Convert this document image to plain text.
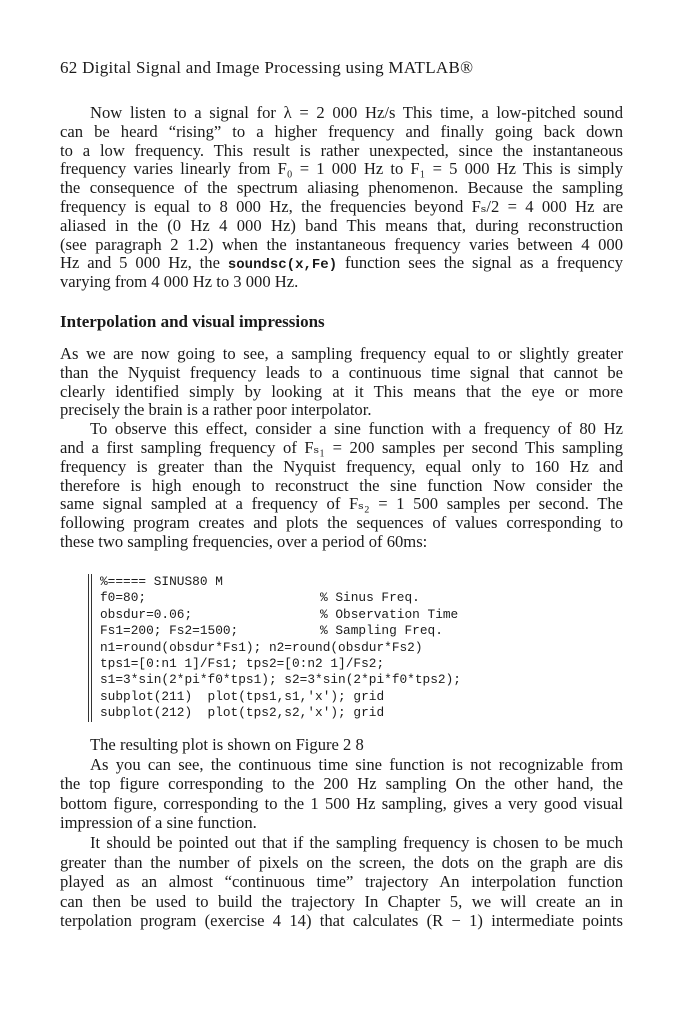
62 Digital Signal and Image Processing using MATLAB®
Now listen to a signal for λ = 2 000 Hz/s This time, a low-pitched sound
can be heard “rising” to a higher frequency and finally going back down
to a low frequency. This result is rather unexpected, since the instantaneous
frequency varies linearly from F₀ = 1 000 Hz to F₁ = 5 000 Hz This is simply
the consequence of the spectrum aliasing phenomenon. Because the sampling
frequency is equal to 8 000 Hz, the frequencies beyond Fₛ/2 = 4 000 Hz are
aliased in the (0 Hz 4 000 Hz) band This means that, during reconstruction
(see paragraph 2 1.2) when the instantaneous frequency varies between 4 000
Hz and 5 000 Hz, the soundsc(x,Fe) function sees the signal as a frequency
varying from 4 000 Hz to 3 000 Hz.
Interpolation and visual impressions
As we are now going to see, a sampling frequency equal to or slightly greater
than the Nyquist frequency leads to a continuous time signal that cannot be
clearly identified simply by looking at it This means that the eye or more
precisely the brain is a rather poor interpolator.
To observe this effect, consider a sine function with a frequency of 80 Hz
and a first sampling frequency of Fₛ₁ = 200 samples per second This sampling
frequency is greater than the Nyquist frequency, equal only to 160 Hz and
therefore is high enough to reconstruct the sine function Now consider the
same signal sampled at a frequency of Fₛ₂ = 1 500 samples per second. The
following program creates and plots the sequences of values corresponding to
these two sampling frequencies, over a period of 60ms:
%===== SINUS80 M
f0=80;	% Sinus Freq.
obsdur=0.06;	% Observation Time
Fs1=200; Fs2=1500;	% Sampling Freq.
n1=round(obsdur*Fs1); n2=round(obsdur*Fs2)
tps1=[0:n1 1]/Fs1; tps2=[0:n2 1]/Fs2;
s1=3*sin(2*pi*f0*tps1); s2=3*sin(2*pi*f0*tps2);
subplot(211)  plot(tps1,s1,'x'); grid
subplot(212)  plot(tps2,s2,'x'); grid
The resulting plot is shown on Figure 2 8
As you can see, the continuous time sine function is not recognizable from
the top figure corresponding to the 200 Hz sampling On the other hand, the
bottom figure, corresponding to the 1 500 Hz sampling, gives a very good visual
impression of a sine function.
It should be pointed out that if the sampling frequency is chosen to be much
greater than the number of pixels on the screen, the dots on the graph are dis
played as an almost “continuous time” trajectory An interpolation function
can then be used to build the trajectory In Chapter 5, we will create an in
terpolation program (exercise 4 14) that calculates (R − 1) intermediate points
